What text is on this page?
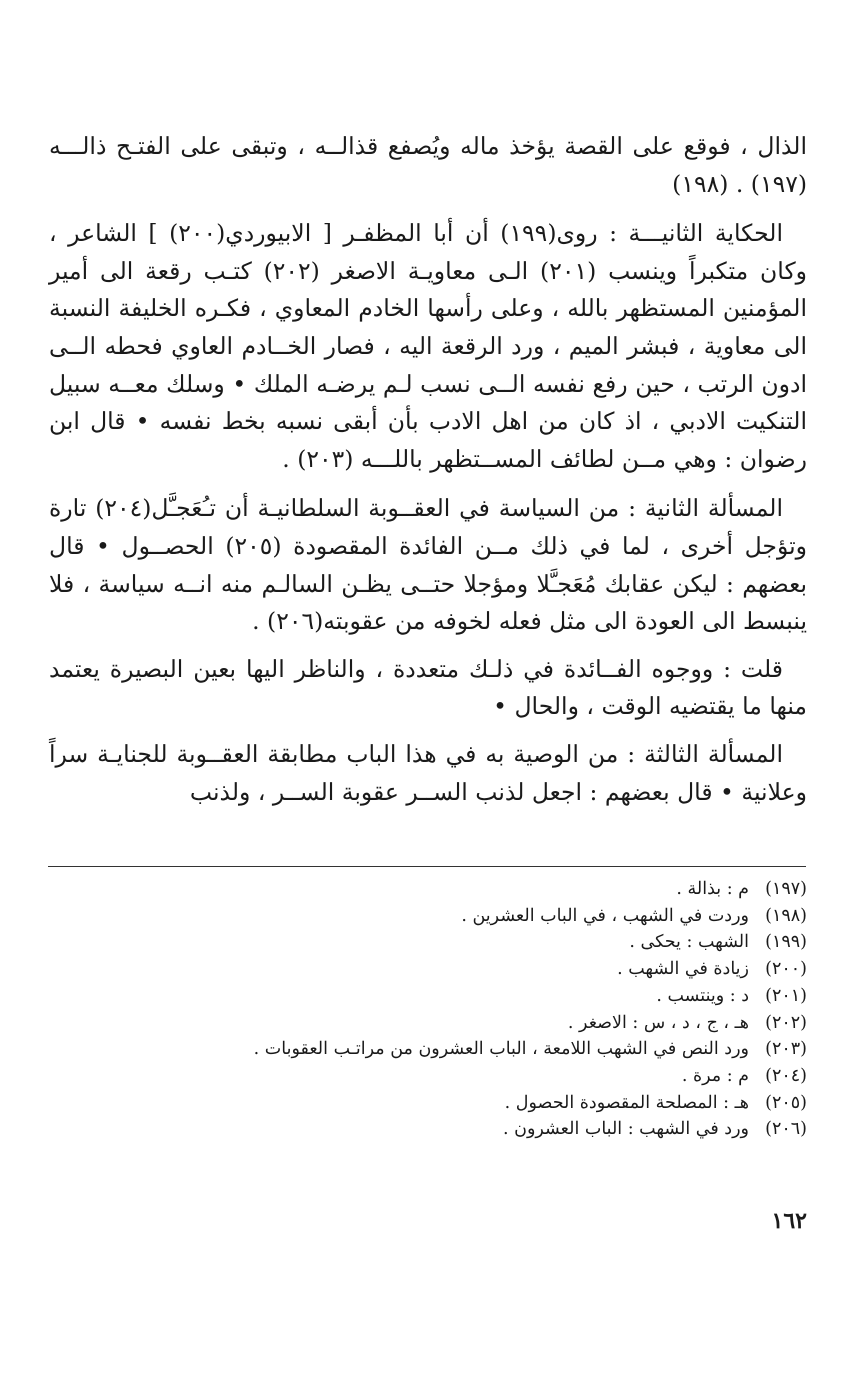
الذال ، فوقع على القصة يؤخذ ماله ويُصفع قذالــه ، وتبقى على الفتـح ذالـــه (١٩٧) . (١٩٨)

الحكاية الثانيـــة : روى(١٩٩) أن أبا المظفـر [ الابيوردي(٢٠٠) ] الشاعر ، وكان متكبراً وينسب (٢٠١) الـى معاويـة الاصغر (٢٠٢) كتـب رقعة الى أمير المؤمنين المستظهر بالله ، وعلى رأسها الخادم المعاوي ، فكـره الخليفة النسبة الى معاوية ، فبشر الميم ، ورد الرقعة اليه ، فصار الخــادم العاوي فحطه الــى ادون الرتب ، حين رفع نفسه الــى نسب لـم يرضـه الملك • وسلك معــه سبيل التنكيت الادبي ، اذ كان من اهل الادب بأن أبقى نسبه بخط نفسه • قال ابن رضوان : وهي مــن لطائف المســتظهر باللـــه (٢٠٣) .

المسألة الثانية : من السياسة في العقــوبة السلطانيـة أن تـُعَجـَّل(٢٠٤) تارة وتؤجل أخرى ، لما في ذلك مــن الفائدة المقصودة (٢٠٥) الحصــول • قال بعضهم : ليكن عقابك مُعَجـَّلا ومؤجلا حتــى يظـن السالـم منه انــه سياسة ، فلا ينبسط الى العودة الى مثل فعله لخوفه من عقوبته(٢٠٦) .

قلت : ووجوه الفــائدة في ذلـك متعددة ، والناظر اليها بعين البصيرة يعتمد منها ما يقتضيه الوقت ، والحال •

المسألة الثالثة : من الوصية به في هذا الباب مطابقة العقــوبة للجنايـة سراً وعلانية • قال بعضهم : اجعل لذنب الســر عقوبة الســر ، ولذنب

(١٩٧)
م : بذالة .
(١٩٨)
وردت في الشهب ، في الباب العشرين .
(١٩٩)
الشهب : يحكى .
(٢٠٠)
زيادة في الشهب .
(٢٠١)
د : وينتسب .
(٢٠٢)
هـ ، ج ، د ، س : الاصغر .
(٢٠٣)
ورد النص في الشهب اللامعة ، الباب العشرون من مراتـب العقوبات .
(٢٠٤)
م : مرة .
(٢٠٥)
هـ : المصلحة المقصودة الحصول .
(٢٠٦)
ورد في الشهب : الباب العشرون .
١٦٢
